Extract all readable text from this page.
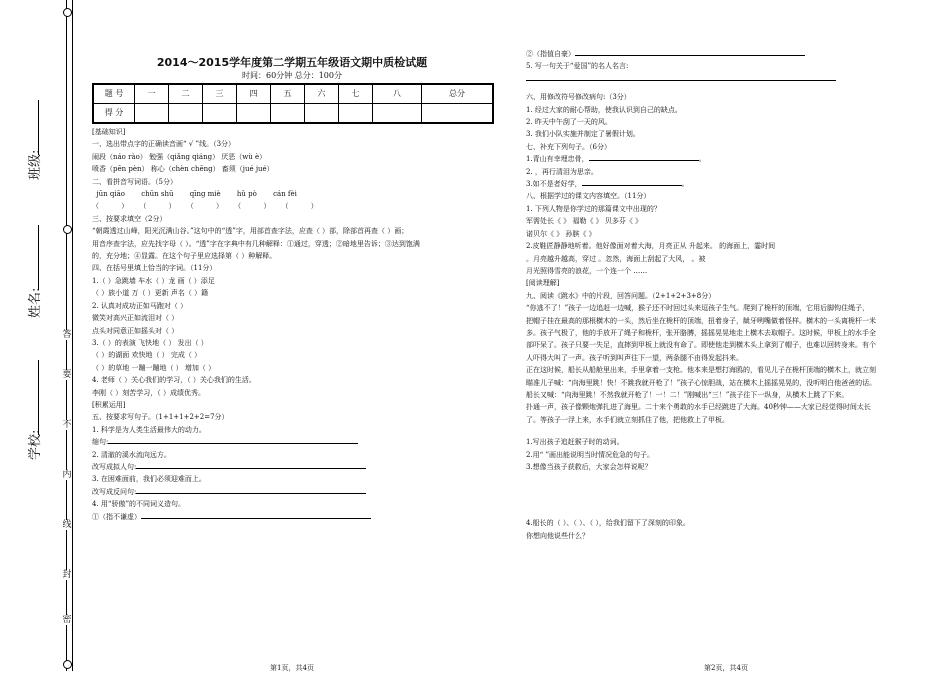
答
要
不
内
线
封
密
班级:
姓名:
学校:
2014～2015学年度第二学期五年级语文期中质检试题
时间：60分钟 总分：100分
题 号	一	二	三	四	五	六	七	八	总分
得 分									
[基础知识]
一、选出带点字的正确读音画“ √ ”线。（3分）
闹段（náo rào） 勉强（qiǎng qiáng） 厌恶（wù è）
喷香（pēn pèn） 称心（chèn chēng） 畜须（jué jué）
二、看拼音写词语。（5分）
jūn qiāo chūn shū qīng miè hǔ pò cán fèi
（          ）     （          ）     （          ）     （          ）     （          ）
三、按要求填空（2分）
“朝霞透过山峰，阳光沉满山谷。”这句中的“透”字，用部首查字法，应查（ ）部，除部首再查（ ）画；
用音序查字法，应先找字母（ ）。“透”字在字典中有几种解释：①通过，穿透；②暗地里告诉；③达到饱满
的，充分地；④显露。在这个句子里应选择第（ ）种解释。
四、在括号里填上恰当的字词。（11分）
1.（ ）急跳墙 车水（ ）龙 画（ ）添足
（ ）族小道 万（ ）更新 声名（ ）籍
2. 认真对成功正如马跑对（ ）
微笑对高兴正如流泪对（ ）
点头对同意正如摇头对（ ）
3.（ ）的表演 飞快地（ ） 发出（ ）
（ ）的湖面 欢快地（ ） 完成（ ）
（ ）的草地 一蹦一蹦地（ ） 增加（ ）
4. 老师（ ）关心我们的学习，（ ）关心我们的生活。
李刚（ ）刻苦学习，（ ）成绩优秀。
[积累运用]
五、按要求写句子。（1+1+1+2+2=7分）
1. 科学是为人类生活最伟大的动力。
缩句:
2. 清澈的溪水流向远方。
改写成拟人句:
3. 在困难面前，我们必须迎难而上。
改写成反问句:
4. 用“骄傲”的不同词义造句。
①（指不谦虚）
第1页，共4页
②（指值自豪）
5. 写一句关于“爱国”的名人名言:
六、用修改符号修改病句:（3分）
1. 经过大家的耐心帮助，使我认识到自己的缺点。
2. 昨天中午刮了一天的风。
3. 我们小队实施并制定了暑假计划。
七、补充下列句子。（6分）
1.青山有幸埋忠骨，	。
2. ，再行清泪为思亲。
3.如不是者好学，	。
八、根据学过的课文内容填空。（11分）
1. 下列人物是你学过的那篇课文中出现的？
军需处长《 》 福勒《 》 贝多芬《 》
诺贝尔《 》 孙膑《 》
2.皮鞋匠静静地听着。他好像面对着大海，月亮正从 升起来。 的海面上，霎时间
。月亮越升越高，穿过 。忽然，海面上刮起了大风， 。被
月光照得雪亮的浪花，一个连一个 ……
[阅读理解]
九、阅读《跳水》中的片段，回答问题。（2+1+2+3+8分）
“你逃不了！”孩子一边追赶一边喊，猴子还不时回过头来逗孩子生气。爬到了桅杆的顶端，它用后脚钩住绳子，
把帽子挂在最高的那根横木的一头，然后坐在桅杆的顶端，扭着身子，龇牙咧嘴做着怪样。横木的一头离桅杆一米
多。孩子气极了，他的手放开了绳子和桅杆，张开胳膊，摇摇晃晃地走上横木去取帽子。这时候，甲板上的水手全
部吓呆了。孩子只要一失足，直摔到甲板上就没有命了。即使他走到横木头上拿到了帽子，也难以回转身来。有个
人吓得大叫了一声。孩子听到叫声往下一望，两条腿不由得发起抖来。
正在这时候，船长从船舱里出来，手里拿着一支枪。他本来是想打海鸥的，看见儿子在桅杆顶端的横木上，就立刻
瞄准儿子喊：“向海里跳！快！不跳我就开枪了！”孩子心惊胆战，站在横木上摇摇晃晃的，没听明白他爸爸的话。
船长又喊：“向海里跳！不然我就开枪了！一！二！”刚喊出“三！”孩子往下一纵身，从横木上跳了下来。
扑通一声，孩子像颗炮弹扎进了海里。二十来个勇敢的水手已经跳进了大海。40秒钟——大家已经觉得时间太长
了。等孩子一浮上来，水手们就立刻抓住了他，把他救上了甲板。
1.写出孩子追赶猴子时的动词。
2.用“ ”画出能说明当时情况危急的句子。
3.想像当孩子获救后，大家会怎样说呢？
4.船长的（ ）、（ ）、（ ），给我们留下了深刻的印象。
你想向他说些什么？
第2页，共4页
